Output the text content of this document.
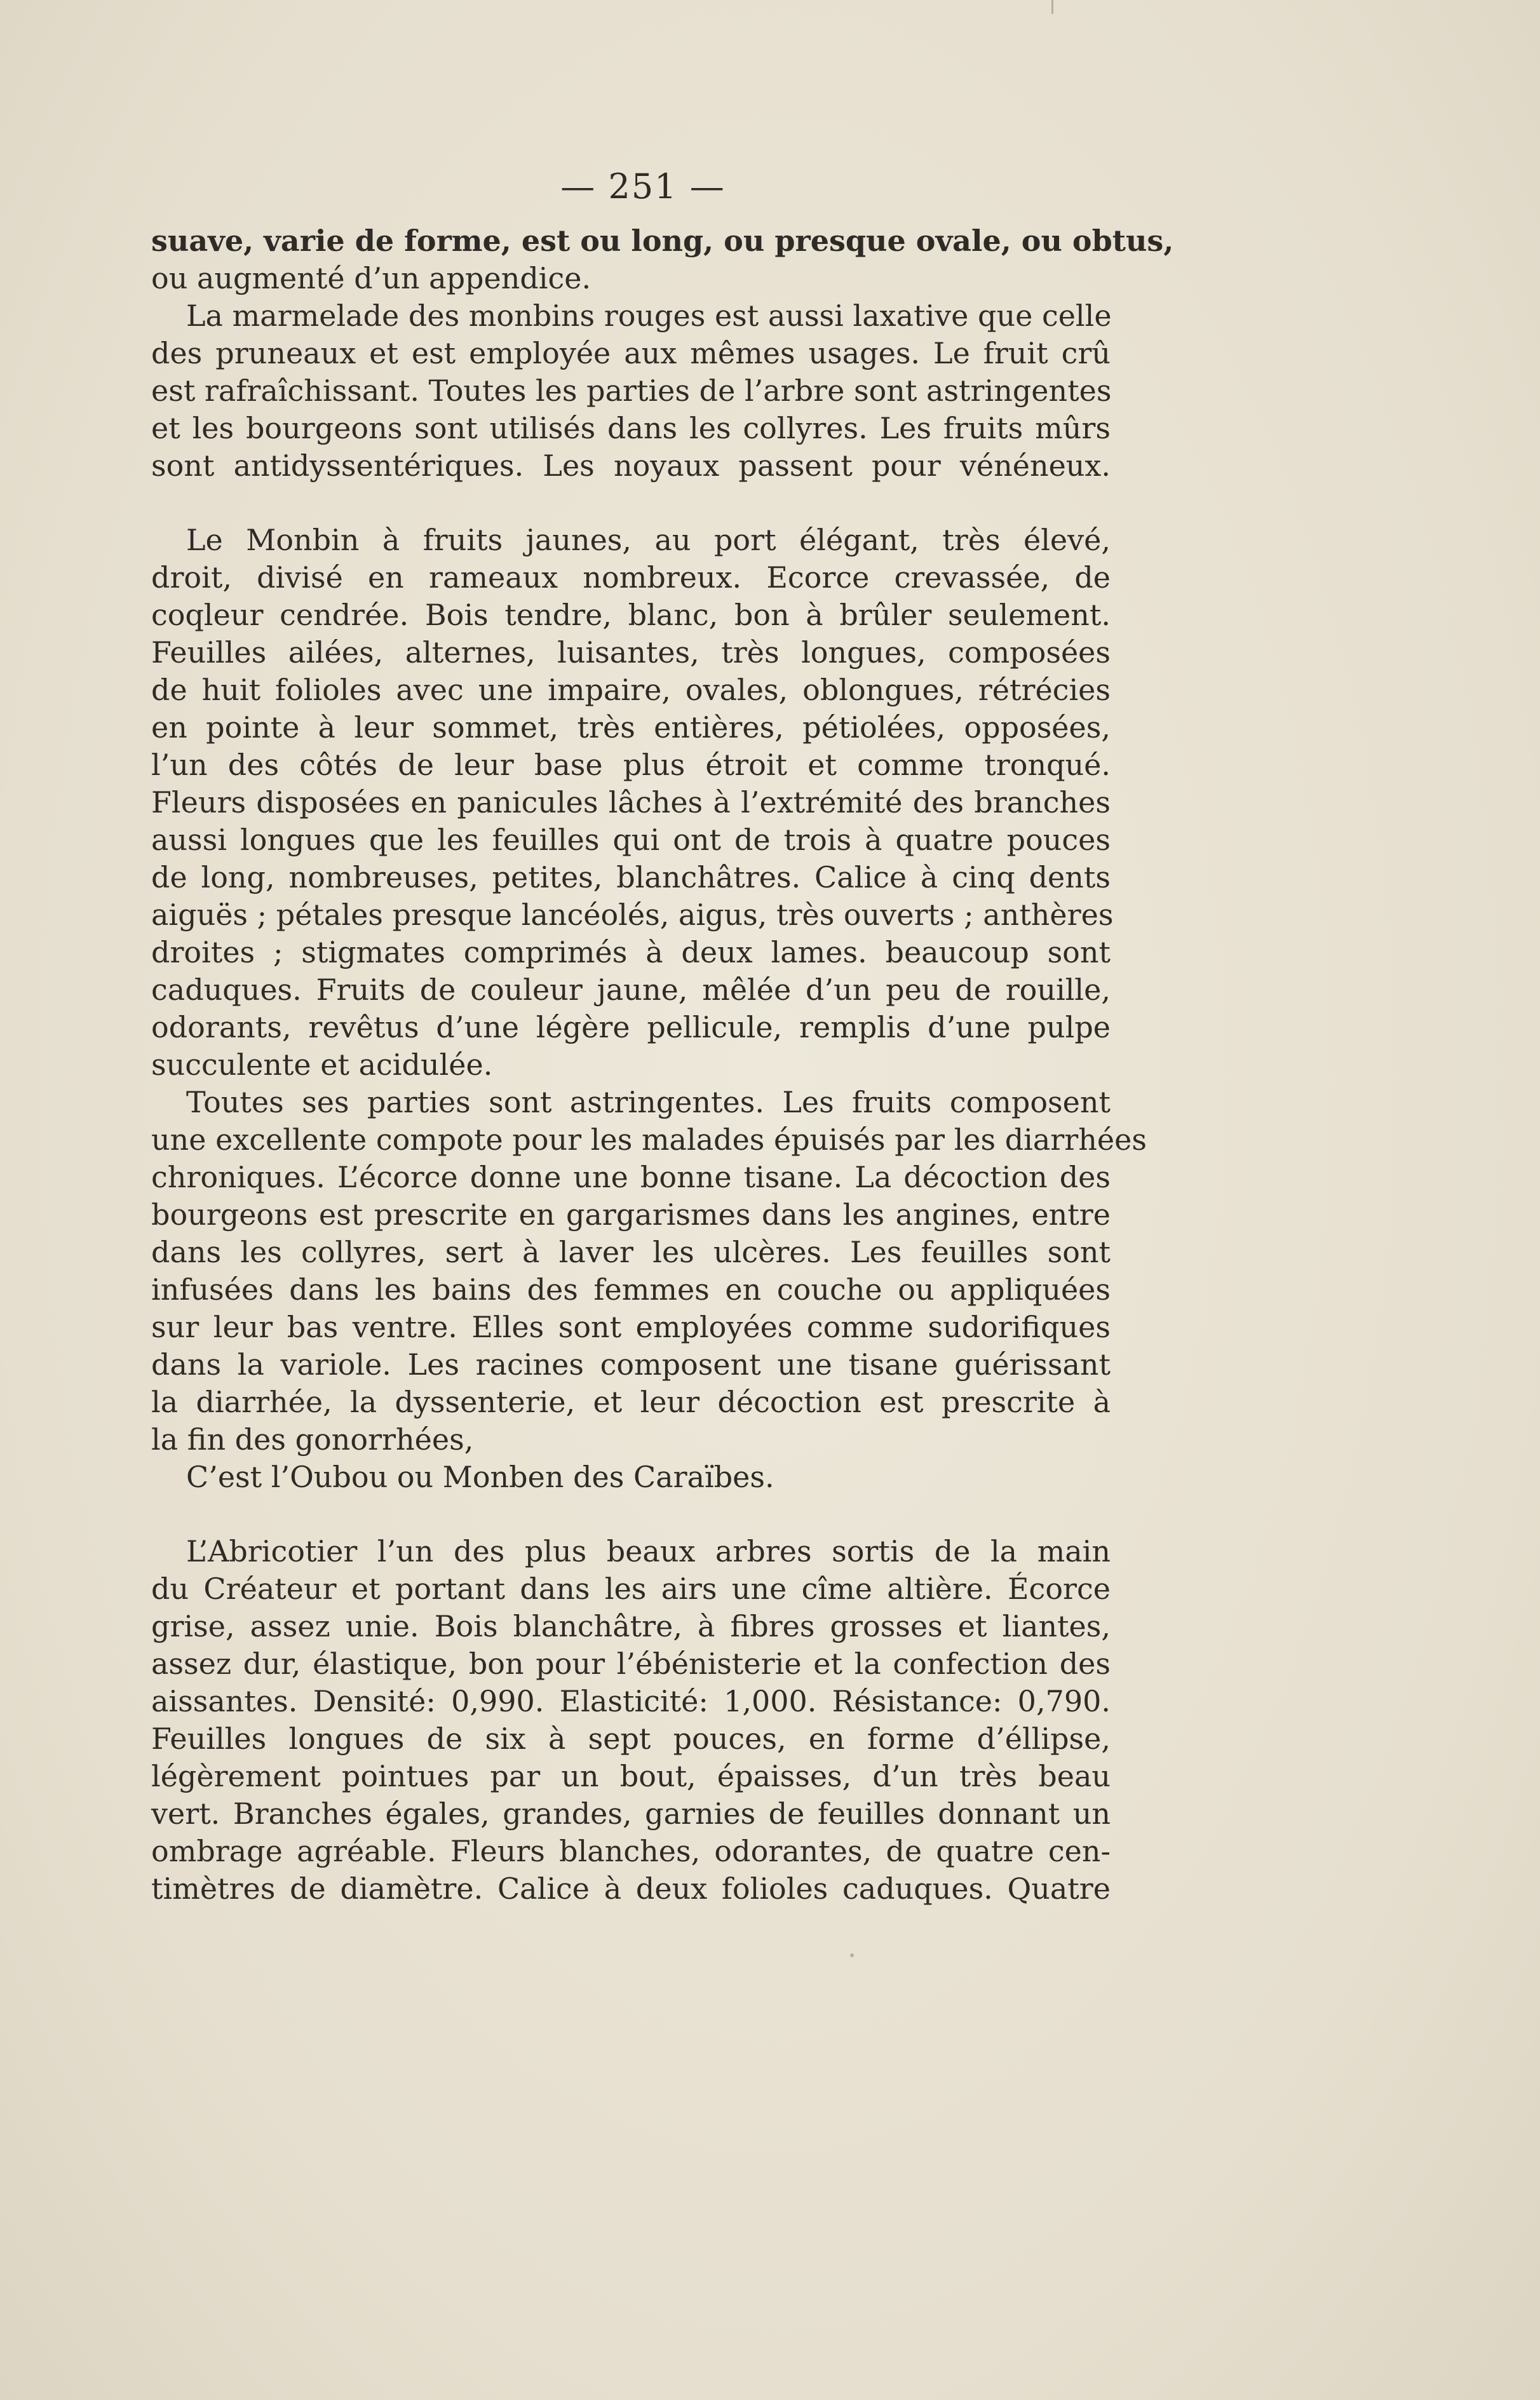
— 251 —
suave, varie de forme, est ou long, ou presque ovale, ou obtus,
ou augmenté d’un appendice.
La marmelade des monbins rouges est aussi laxative que celle
des pruneaux et est employée aux mêmes usages. Le fruit crû
est rafraîchissant. Toutes les parties de l’arbre sont astringentes
et les bourgeons sont utilisés dans les collyres. Les fruits mûrs
sont antidyssentériques. Les noyaux passent pour vénéneux.
Le Monbin à fruits jaunes, au port élégant, très élevé,
droit, divisé en rameaux nombreux. Ecorce crevassée, de
coqleur cendrée. Bois tendre, blanc, bon à brûler seulement.
Feuilles ailées, alternes, luisantes, très longues, composées
de huit folioles avec une impaire, ovales, oblongues, rétrécies
en pointe à leur sommet, très entières, pétiolées, opposées,
l’un des côtés de leur base plus étroit et comme tronqué.
Fleurs disposées en panicules lâches à l’extrémité des branches
aussi longues que les feuilles qui ont de trois à quatre pouces
de long, nombreuses, petites, blanchâtres. Calice à cinq dents
aiguës ; pétales presque lancéolés, aigus, très ouverts ; anthères
droites ; stigmates comprimés à deux lames. beaucoup sont
caduques. Fruits de couleur jaune, mêlée d’un peu de rouille,
odorants, revêtus d’une légère pellicule, remplis d’une pulpe
succulente et acidulée.
Toutes ses parties sont astringentes. Les fruits composent
une excellente compote pour les malades épuisés par les diarrhées
chroniques. L’écorce donne une bonne tisane. La décoction des
bourgeons est prescrite en gargarismes dans les angines, entre
dans les collyres, sert à laver les ulcères. Les feuilles sont
infusées dans les bains des femmes en couche ou appliquées
sur leur bas ventre. Elles sont employées comme sudorifiques
dans la variole. Les racines composent une tisane guérissant
la diarrhée, la dyssenterie, et leur décoction est prescrite à
la fin des gonorrhées,
C’est l’Oubou ou Monben des Caraïbes.
L’Abricotier l’un des plus beaux arbres sortis de la main
du Créateur et portant dans les airs une cîme altière. Écorce
grise, assez unie. Bois blanchâtre, à fibres grosses et liantes,
assez dur, élastique, bon pour l’ébénisterie et la confection des
aissantes. Densité: 0,990. Elasticité: 1,000. Résistance: 0,790.
Feuilles longues de six à sept pouces, en forme d’éllipse,
légèrement pointues par un bout, épaisses, d’un très beau
vert. Branches égales, grandes, garnies de feuilles donnant un
ombrage agréable. Fleurs blanches, odorantes, de quatre cen-
timètres de diamètre. Calice à deux folioles caduques. Quatre
